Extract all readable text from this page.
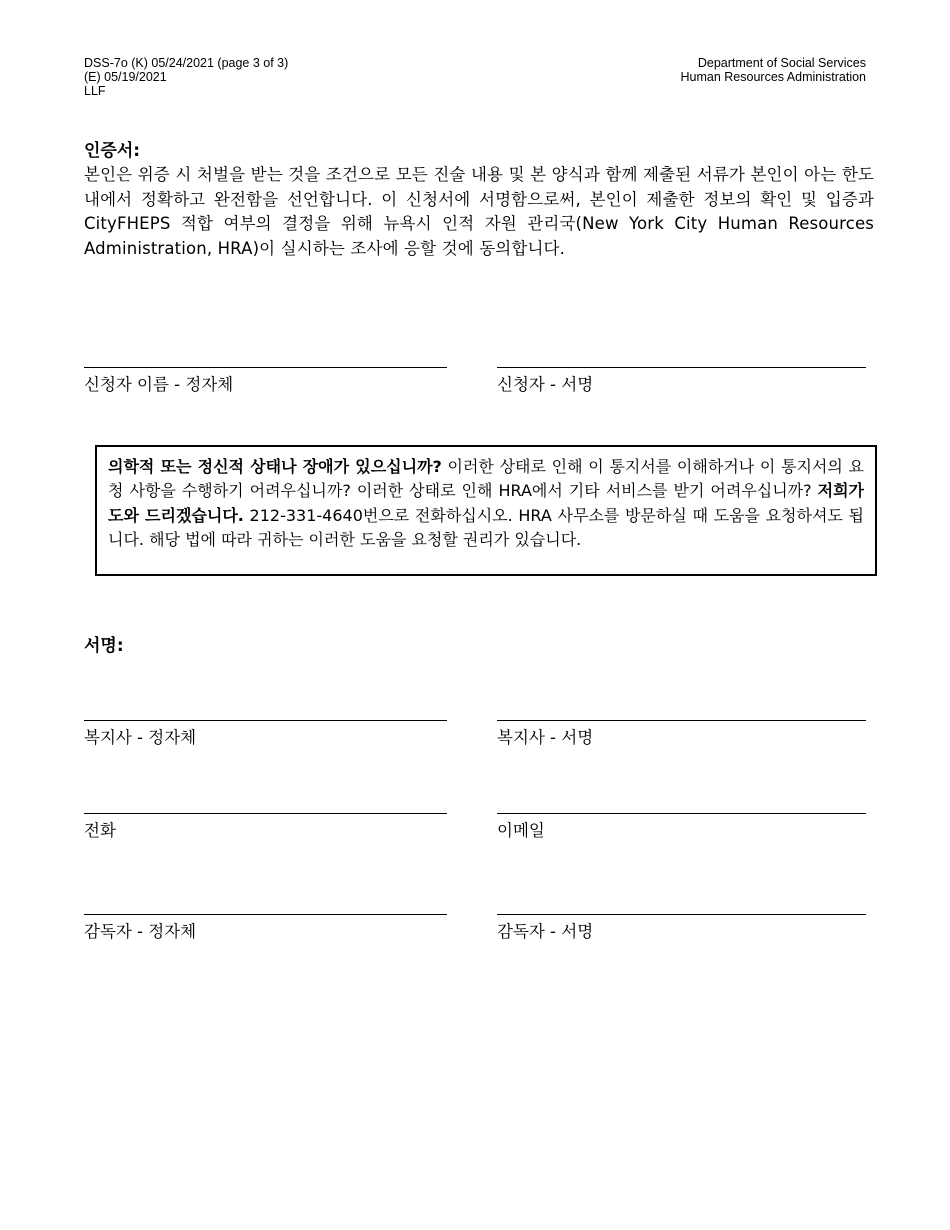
DSS-7o (K) 05/24/2021 (page 3 of 3)
(E) 05/19/2021
LLF
Department of Social Services
Human Resources Administration
인증서:
본인은 위증 시 처벌을 받는 것을 조건으로 모든 진술 내용 및 본 양식과 함께 제출된 서류가 본인이 아는 한도 내에서 정확하고 완전함을 선언합니다. 이 신청서에 서명함으로써, 본인이 제출한 정보의 확인 및 입증과 CityFHEPS 적합 여부의 결정을 위해 뉴욕시 인적 자원 관리국(New York City Human Resources Administration, HRA)이 실시하는 조사에 응할 것에 동의합니다.
신청자 이름 - 정자체	신청자 - 서명
의학적 또는 정신적 상태나 장애가 있으십니까? 이러한 상태로 인해 이 통지서를 이해하거나 이 통지서의 요청 사항을 수행하기 어려우십니까? 이러한 상태로 인해 HRA에서 기타 서비스를 받기 어려우십니까? 저희가 도와 드리겠습니다. 212-331-4640번으로 전화하십시오. HRA 사무소를 방문하실 때 도움을 요청하셔도 됩니다. 해당 법에 따라 귀하는 이러한 도움을 요청할 권리가 있습니다.
서명:
복지사 - 정자체	복지사 - 서명
전화	이메일
감독자 - 정자체	감독자 - 서명
